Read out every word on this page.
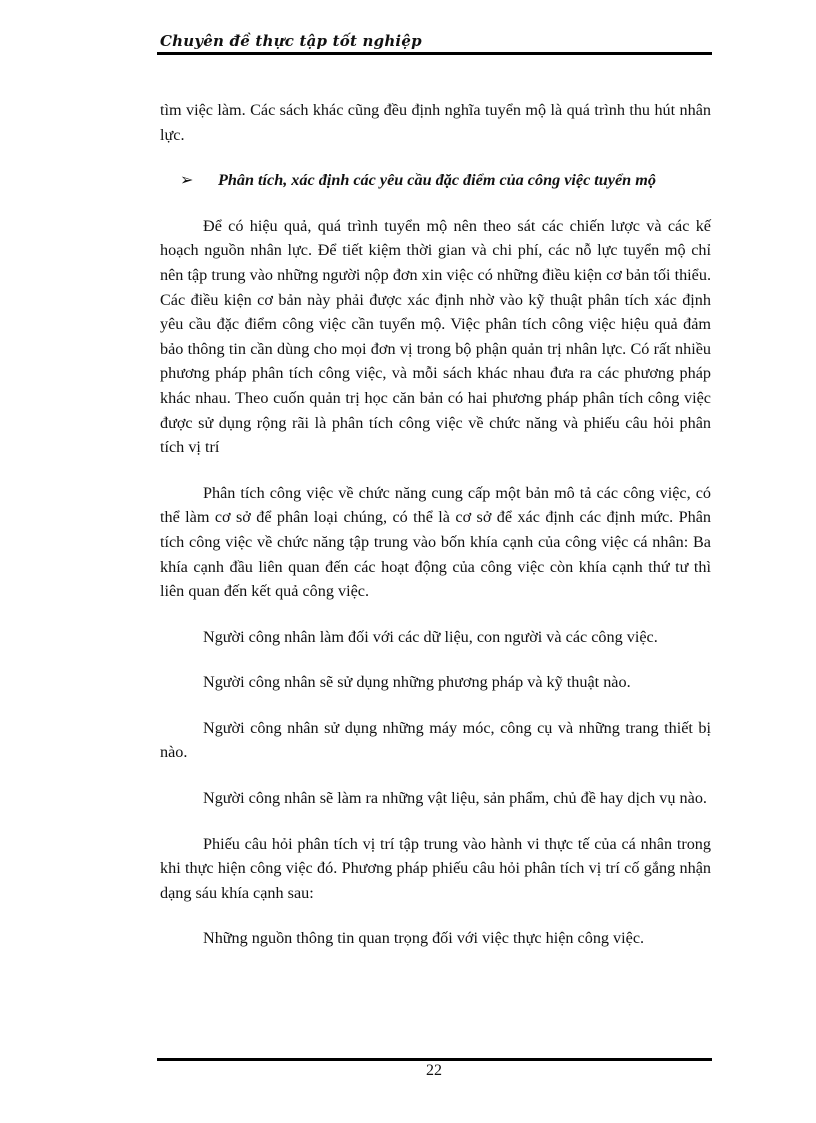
Chuyên đề thực tập tốt nghiệp

tìm việc làm. Các sách khác cũng đều định nghĩa tuyển mộ là quá trình thu hút nhân lực.

➢ Phân tích, xác định các yêu cầu đặc điểm của công việc tuyển mộ

Để có hiệu quả, quá trình tuyển mộ nên theo sát các chiến lược và các kế hoạch nguồn nhân lực. Để tiết kiệm thời gian và chi phí, các nỗ lực tuyển mộ chỉ nên tập trung vào những người nộp đơn xin việc có những điều kiện cơ bản tối thiểu. Các điều kiện cơ bản này phải được xác định nhờ vào kỹ thuật phân tích xác định yêu cầu đặc điểm công việc cần tuyển mộ. Việc phân tích công việc hiệu quả đảm bảo thông tin cần dùng cho mọi đơn vị trong bộ phận quản trị nhân lực. Có rất nhiều phương pháp phân tích công việc, và mỗi sách khác nhau đưa ra các phương pháp khác nhau. Theo cuốn quản trị học căn bản có hai phương pháp phân tích công việc được sử dụng rộng rãi là phân tích công việc về chức năng và phiếu câu hỏi phân tích vị trí

Phân tích công việc về chức năng cung cấp một bản mô tả các công việc, có thể làm cơ sở để phân loại chúng, có thể là cơ sở để xác định các định mức. Phân tích công việc về chức năng tập trung vào bốn khía cạnh của công việc cá nhân: Ba khía cạnh đầu liên quan đến các hoạt động của công việc còn khía cạnh thứ tư thì liên quan đến kết quả công việc.

Người công nhân làm đối với các dữ liệu, con người và các công việc.

Người công nhân sẽ sử dụng những phương pháp và kỹ thuật nào.

Người công nhân sử dụng những máy móc, công cụ và những trang thiết bị nào.

Người công nhân sẽ làm ra những vật liệu, sản phẩm, chủ đề hay dịch vụ nào.

Phiếu câu hỏi phân tích vị trí tập trung vào hành vi thực tế của cá nhân trong khi thực hiện công việc đó. Phương pháp phiếu câu hỏi phân tích vị trí cố gắng nhận dạng sáu khía cạnh sau:

Những nguồn thông tin quan trọng đối với việc thực hiện công việc.

22
